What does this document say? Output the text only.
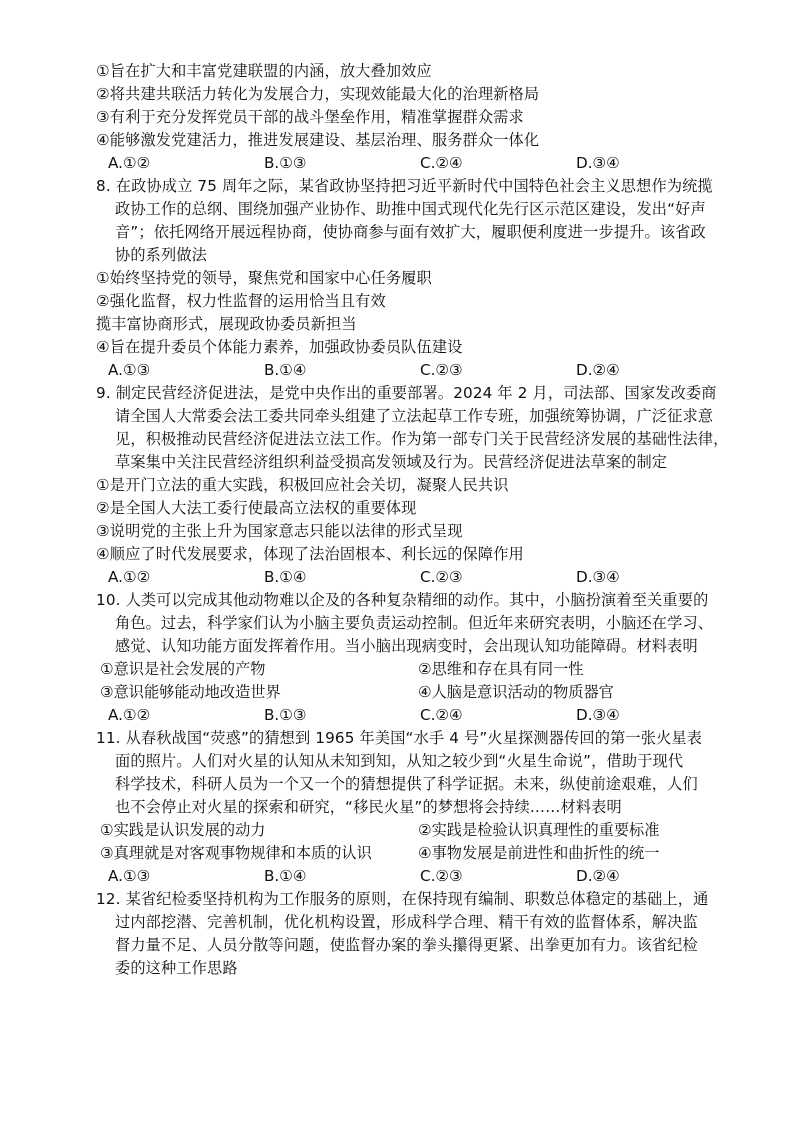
①旨在扩大和丰富党建联盟的内涵，放大叠加效应
②将共建共联活力转化为发展合力，实现效能最大化的治理新格局
③有利于充分发挥党员干部的战斗堡垒作用，精准掌握群众需求
④能够激发党建活力，推进发展建设、基层治理、服务群众一体化
A.①②	B.①③	C.②④	D.③④
8. 在政协成立 75 周年之际，某省政协坚持把习近平新时代中国特色社会主义思想作为统揽
政协工作的总纲、围绕加强产业协作、助推中国式现代化先行区示范区建设，发出“好声
音”；依托网络开展远程协商，使协商参与面有效扩大，履职便利度进一步提升。该省政
协的系列做法
①始终坚持党的领导，聚焦党和国家中心任务履职
②强化监督，权力性监督的运用恰当且有效
揽丰富协商形式，展现政协委员新担当
④旨在提升委员个体能力素养，加强政协委员队伍建设
A.①③	B.①④	C.②③	D.②④
9. 制定民营经济促进法，是党中央作出的重要部署。2024 年 2 月，司法部、国家发改委商
请全国人大常委会法工委共同牵头组建了立法起草工作专班，加强统筹协调，广泛征求意
见，积极推动民营经济促进法立法工作。作为第一部专门关于民营经济发展的基础性法律，
草案集中关注民营经济组织利益受损高发领域及行为。民营经济促进法草案的制定
①是开门立法的重大实践，积极回应社会关切，凝聚人民共识
②是全国人大法工委行使最高立法权的重要体现
③说明党的主张上升为国家意志只能以法律的形式呈现
④顺应了时代发展要求，体现了法治固根本、利长远的保障作用
A.①②	B.①④	C.②③	D.③④
10. 人类可以完成其他动物难以企及的各种复杂精细的动作。其中，小脑扮演着至关重要的
角色。过去，科学家们认为小脑主要负责运动控制。但近年来研究表明，小脑还在学习、
感觉、认知功能方面发挥着作用。当小脑出现病变时，会出现认知功能障碍。材料表明
①意识是社会发展的产物	②思维和存在具有同一性
③意识能够能动地改造世界	④人脑是意识活动的物质器官
A.①②	B.①③	C.②④	D.③④
11. 从春秋战国“荧惑”的猜想到 1965 年美国“水手 4 号”火星探测器传回的第一张火星表
面的照片。人们对火星的认知从未知到知，从知之较少到“火星生命说”，借助于现代
科学技术，科研人员为一个又一个的猜想提供了科学证据。未来，纵使前途艰难，人们
也不会停止对火星的探索和研究，“移民火星”的梦想将会持续……材料表明
①实践是认识发展的动力	②实践是检验认识真理性的重要标准
③真理就是对客观事物规律和本质的认识	④事物发展是前进性和曲折性的统一
A.①③	B.①④	C.②③	D.②④
12. 某省纪检委坚持机构为工作服务的原则，在保持现有编制、职数总体稳定的基础上，通
过内部挖潜、完善机制，优化机构设置，形成科学合理、精干有效的监督体系，解决监
督力量不足、人员分散等问题，使监督办案的拳头攥得更紧、出拳更加有力。该省纪检
委的这种工作思路
